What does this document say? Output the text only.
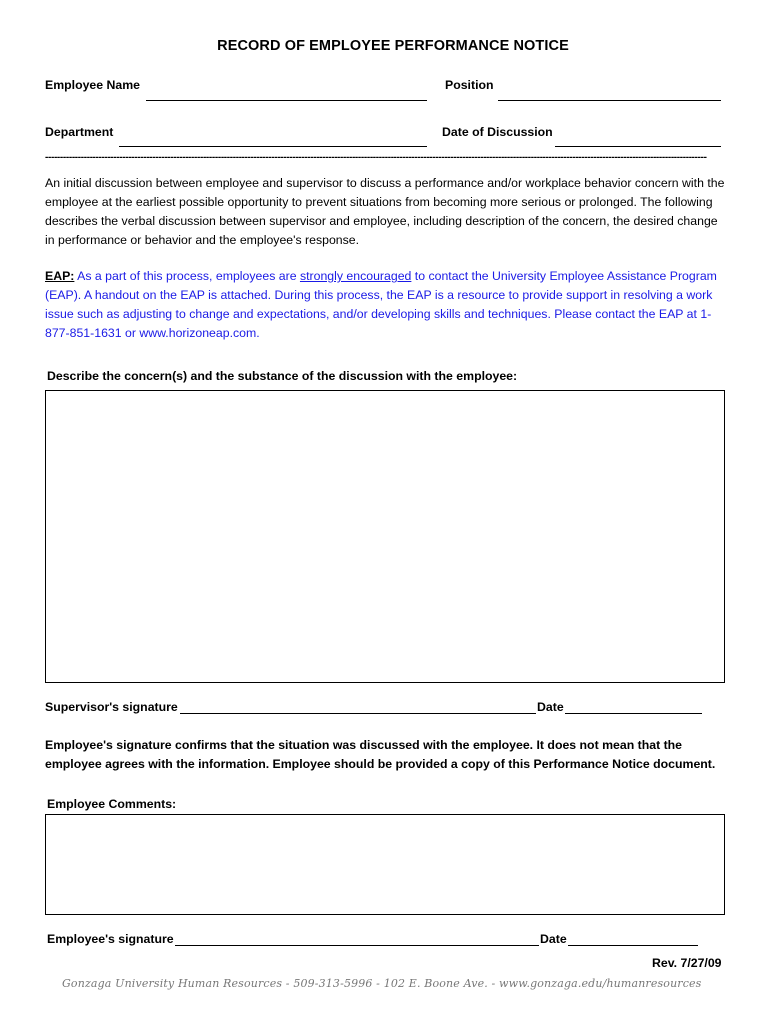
RECORD OF EMPLOYEE PERFORMANCE NOTICE
Employee Name	Position
Department	Date of Discussion
------------------------------------------------------------------------------------------------------------------------------------------------------------------------------------------------------------------------------
An initial discussion between employee and supervisor to discuss a performance and/or workplace behavior concern with the employee at the earliest possible opportunity to prevent situations from becoming more serious or prolonged. The following describes the verbal discussion between supervisor and employee, including description of the concern, the desired change in performance or behavior and the employee's response.
EAP: As a part of this process, employees are strongly encouraged to contact the University Employee Assistance Program (EAP). A handout on the EAP is attached. During this process, the EAP is a resource to provide support in resolving a work issue such as adjusting to change and expectations, and/or developing skills and techniques. Please contact the EAP at 1-877-851-1631 or www.horizoneap.com.
Describe the concern(s) and the substance of the discussion with the employee:
Supervisor's signature	Date
Employee's signature confirms that the situation was discussed with the employee. It does not mean that the employee agrees with the information. Employee should be provided a copy of this Performance Notice document.
Employee Comments:
Employee's signature	Date
Rev. 7/27/09
Gonzaga University Human Resources - 509-313-5996 - 102 E. Boone Ave. - www.gonzaga.edu/humanresources
